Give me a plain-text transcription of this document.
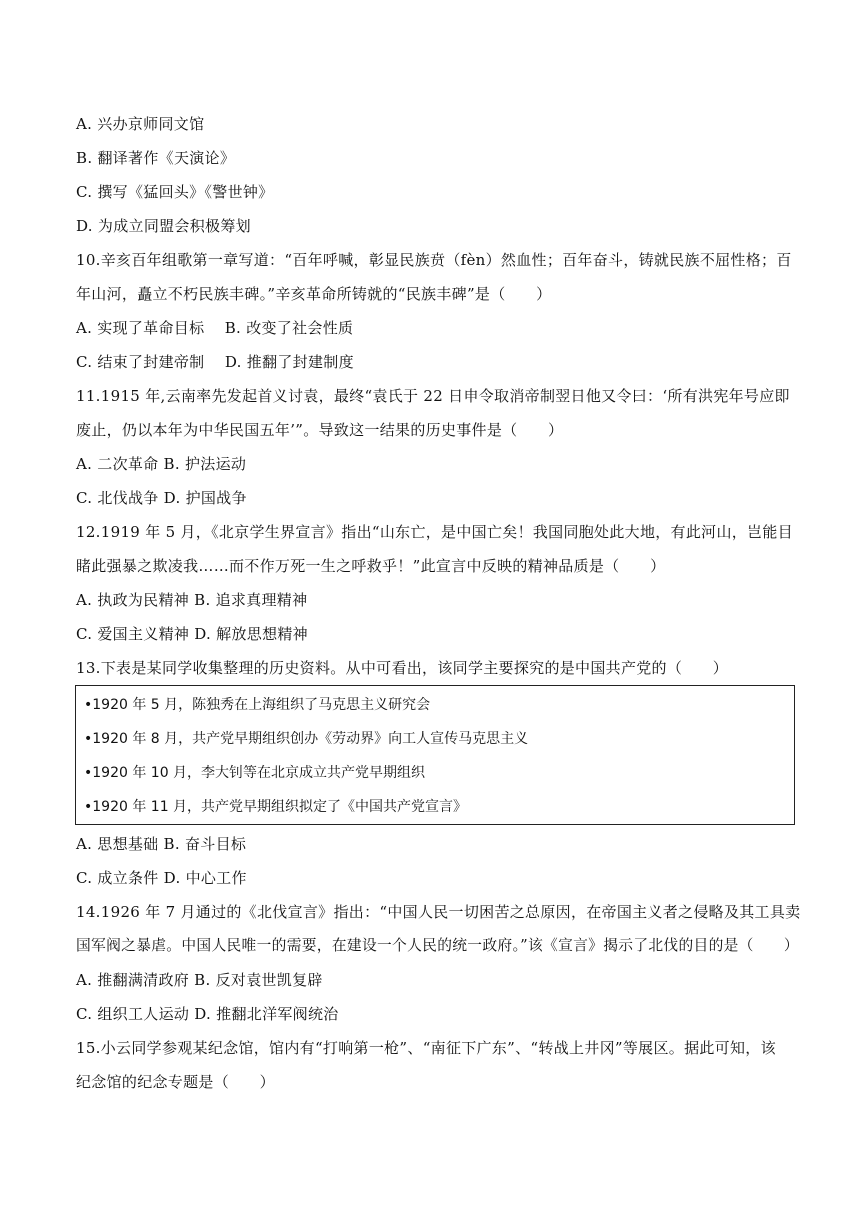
A. 兴办京师同文馆
B. 翻译著作《天演论》
C. 撰写《猛回头》《警世钟》
D. 为成立同盟会积极筹划
10.辛亥百年组歌第一章写道：“百年呼喊，彰显民族贲（fèn）然血性；百年奋斗，铸就民族不屈性格；百
年山河，矗立不朽民族丰碑。”辛亥革命所铸就的“民族丰碑”是（　　）
A. 实现了革命目标　 B. 改变了社会性质
C. 结束了封建帝制　 D. 推翻了封建制度
11.1915 年,云南率先发起首义讨袁，最终“袁氏于 22 日申令取消帝制翌日他又令曰：‘所有洪宪年号应即
废止，仍以本年为中华民国五年’”。导致这一结果的历史事件是（　　）
A. 二次革命 B. 护法运动
C. 北伐战争 D. 护国战争
12.1919 年 5 月，《北京学生界宣言》指出“山东亡，是中国亡矣！我国同胞处此大地，有此河山，岂能目
睹此强暴之欺凌我……而不作万死一生之呼救乎！”此宣言中反映的精神品质是（　　）
A. 执政为民精神 B. 追求真理精神
C. 爱国主义精神 D. 解放思想精神
13.下表是某同学收集整理的历史资料。从中可看出，该同学主要探究的是中国共产党的（　　）
•1920 年 5 月，陈独秀在上海组织了马克思主义研究会
•1920 年 8 月，共产党早期组织创办《劳动界》向工人宣传马克思主义
•1920 年 10 月，李大钊等在北京成立共产党早期组织
•1920 年 11 月，共产党早期组织拟定了《中国共产党宣言》
A. 思想基础 B. 奋斗目标
C. 成立条件 D. 中心工作
14.1926 年 7 月通过的《北伐宣言》指出：“中国人民一切困苦之总原因，在帝国主义者之侵略及其工具卖
国军阀之暴虐。中国人民唯一的需要，在建设一个人民的统一政府。”该《宣言》揭示了北伐的目的是（　　）
A. 推翻满清政府 B. 反对袁世凯复辟
C. 组织工人运动 D. 推翻北洋军阀统治
15.小云同学参观某纪念馆，馆内有“打响第一枪”、“南征下广东”、“转战上井冈”等展区。据此可知，该
纪念馆的纪念专题是（　　）
